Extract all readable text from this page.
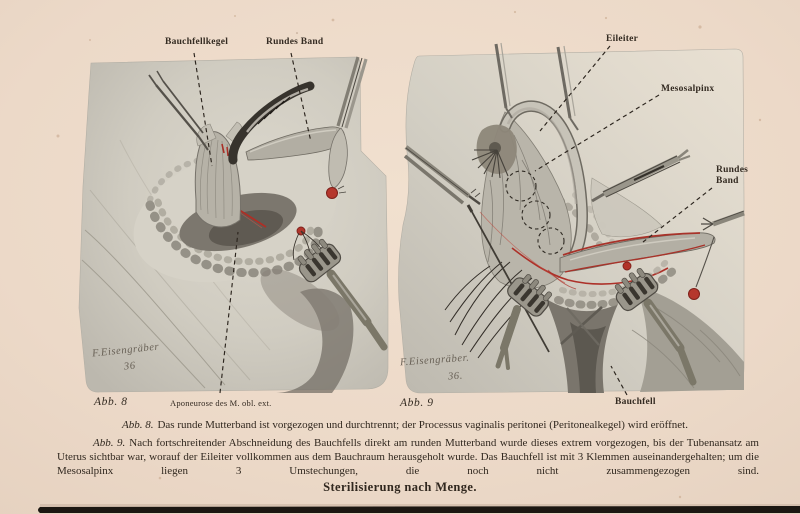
Bauchfellkegel	Rundes Band
Aponeurose des M. obl. ext.
Abb. 8
Eileiter
Mesosalpinx
Rundes Band
Bauchfell
Abb. 9
F.Eisengräber
36	F.Eisengräber.
36.
Abb. 8. Das runde Mutterband ist vorgezogen und durchtrennt; der Processus vaginalis peritonei (Peritonealkegel) wird eröffnet.
Abb. 9. Nach fortschreitender Abschneidung des Bauchfells direkt am runden Mutterband wurde dieses extrem vorgezogen, bis der Tubenansatz am Uterus sichtbar war, worauf der Eileiter vollkommen aus dem Bauchraum herausgeholt wurde. Das Bauchfell ist mit 3 Klemmen auseinandergehalten; um die Mesosalpinx liegen 3 Umstechungen, die noch nicht zusammengezogen sind.
Sterilisierung nach Menge.
